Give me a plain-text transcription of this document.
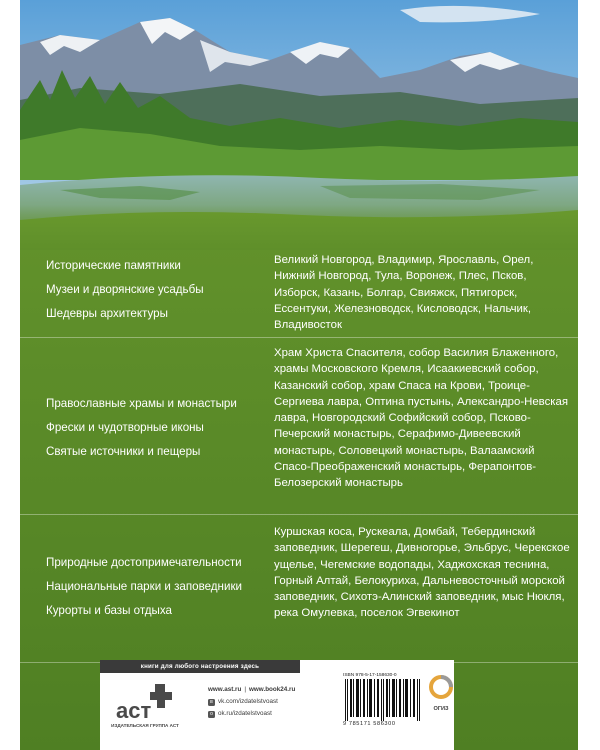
Исторические памятники
Музеи и дворянские усадьбы
Шедевры архитектуры

Великий Новгород, Владимир, Ярославль, Орел, Нижний Новгород, Тула, Воронеж, Плес, Псков, Изборск, Казань, Болгар, Свияжск, Пятигорск, Ессентуки, Железноводск, Кисловодск, Нальчик, Владивосток

Православные храмы и монастыри
Фрески и чудотворные иконы
Святые источники и пещеры

Храм Христа Спасителя, собор Василия Блаженного, храмы Московского Кремля, Исаакиевский собор, Казанский собор, храм Спаса на Крови, Троице-Сергиева лавра, Оптина пустынь, Александро-Невская лавра, Новгородский Софийский собор, Псково-Печерский монастырь, Серафимо-Дивеевский монастырь, Соловецкий монастырь, Валаамский Спасо-Преображенский монастырь, Ферапонтов-Белозерский монастырь

Природные достопримечательности
Национальные парки и заповедники
Курорты и базы отдыха

Куршская коса, Рускеала, Домбай, Тебердинский заповедник, Шерегеш, Дивногорье, Эльбрус, Черекское ущелье, Чегемские водопады, Хаджохская теснина, Горный Алтай, Белокуриха, Дальневосточный морской заповедник, Сихотэ-Алинский заповедник, мыс Нюкля, река Омулевка, поселок Эгвекинот

книги для любого настроения здесь
аст
ИЗДАТЕЛЬСКАЯ ГРУППА АСТ
www.ast.ru | www.book24.ru
в vk.com/izdatelstvoast
о ok.ru/izdatelstvoast
ISBN 978-5-17-158630-0
9 785171 586300
ОГИЗ
